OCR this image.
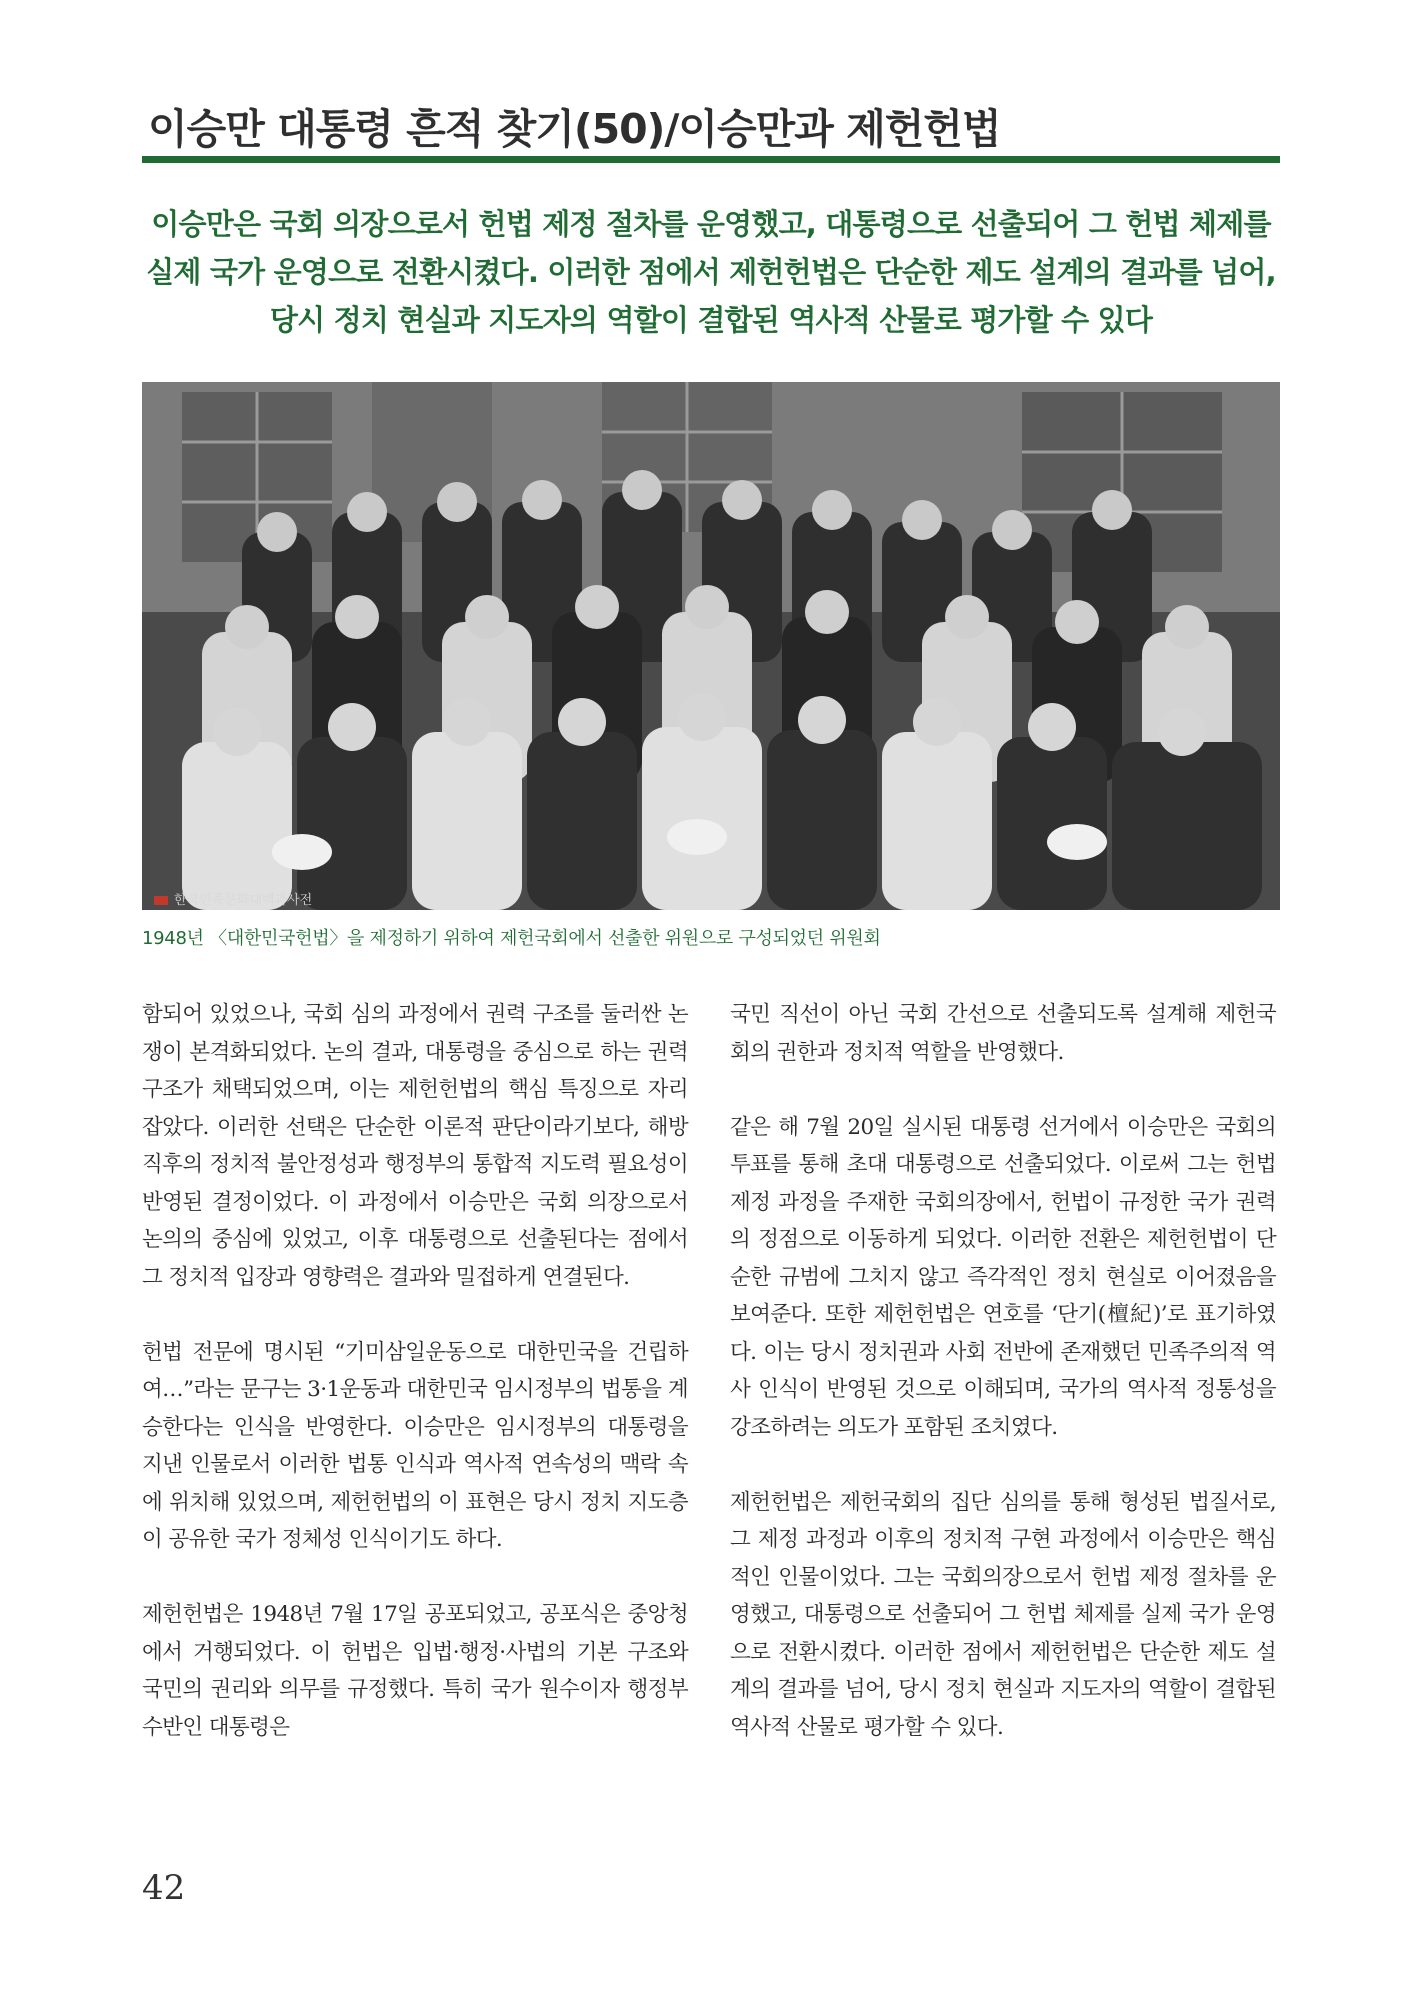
이승만 대통령 흔적 찾기(50)/이승만과 제헌헌법
이승만은 국회 의장으로서 헌법 제정 절차를 운영했고, 대통령으로 선출되어 그 헌법 체제를
실제 국가 운영으로 전환시켰다. 이러한 점에서 제헌헌법은 단순한 제도 설계의 결과를 넘어,
당시 정치 현실과 지도자의 역할이 결합된 역사적 산물로 평가할 수 있다
한국민족문화대백과사전
1948년 〈대한민국헌법〉을 제정하기 위하여 제헌국회에서 선출한 위원으로 구성되었던 위원회

함되어 있었으나, 국회 심의 과정에서 권력 구조를 둘러싼 논쟁이 본격화되었다. 논의 결과, 대통령을 중심으로 하는 권력 구조가 채택되었으며, 이는 제헌헌법의 핵심 특징으로 자리 잡았다. 이러한 선택은 단순한 이론적 판단이라기보다, 해방 직후의 정치적 불안정성과 행정부의 통합적 지도력 필요성이 반영된 결정이었다. 이 과정에서 이승만은 국회 의장으로서 논의의 중심에 있었고, 이후 대통령으로 선출된다는 점에서 그 정치적 입장과 영향력은 결과와 밀접하게 연결된다.

헌법 전문에 명시된 “기미삼일운동으로 대한민국을 건립하여…”라는 문구는 3·1운동과 대한민국 임시정부의 법통을 계승한다는 인식을 반영한다. 이승만은 임시정부의 대통령을 지낸 인물로서 이러한 법통 인식과 역사적 연속성의 맥락 속에 위치해 있었으며, 제헌헌법의 이 표현은 당시 정치 지도층이 공유한 국가 정체성 인식이기도 하다.

제헌헌법은 1948년 7월 17일 공포되었고, 공포식은 중앙청에서 거행되었다. 이 헌법은 입법·행정·사법의 기본 구조와 국민의 권리와 의무를 규정했다. 특히 국가 원수이자 행정부 수반인 대통령은

국민 직선이 아닌 국회 간선으로 선출되도록 설계해 제헌국회의 권한과 정치적 역할을 반영했다.

같은 해 7월 20일 실시된 대통령 선거에서 이승만은 국회의 투표를 통해 초대 대통령으로 선출되었다. 이로써 그는 헌법 제정 과정을 주재한 국회의장에서, 헌법이 규정한 국가 권력의 정점으로 이동하게 되었다. 이러한 전환은 제헌헌법이 단순한 규범에 그치지 않고 즉각적인 정치 현실로 이어졌음을 보여준다. 또한 제헌헌법은 연호를 ‘단기(檀紀)’로 표기하였다. 이는 당시 정치권과 사회 전반에 존재했던 민족주의적 역사 인식이 반영된 것으로 이해되며, 국가의 역사적 정통성을 강조하려는 의도가 포함된 조치였다.

제헌헌법은 제헌국회의 집단 심의를 통해 형성된 법질서로, 그 제정 과정과 이후의 정치적 구현 과정에서 이승만은 핵심적인 인물이었다. 그는 국회의장으로서 헌법 제정 절차를 운영했고, 대통령으로 선출되어 그 헌법 체제를 실제 국가 운영으로 전환시켰다. 이러한 점에서 제헌헌법은 단순한 제도 설계의 결과를 넘어, 당시 정치 현실과 지도자의 역할이 결합된 역사적 산물로 평가할 수 있다.

42
